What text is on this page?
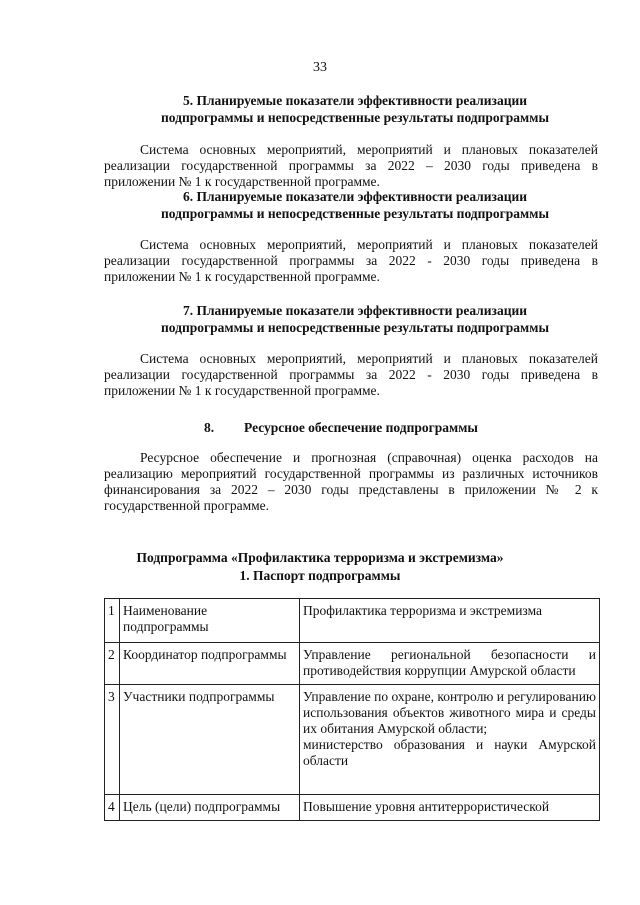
33
5. Планируемые показатели эффективности реализации
подпрограммы и непосредственные результаты подпрограммы

Система основных мероприятий, мероприятий и плановых показателей реализации государственной программы за 2022 – 2030 годы приведена в приложении № 1 к государственной программе.

6. Планируемые показатели эффективности реализации
подпрограммы и непосредственные результаты подпрограммы

Система основных мероприятий, мероприятий и плановых показателей реализации государственной программы за 2022 - 2030 годы приведена в приложении № 1 к государственной программе.

7. Планируемые показатели эффективности реализации
подпрограммы и непосредственные результаты подпрограммы

Система основных мероприятий, мероприятий и плановых показателей реализации государственной программы за 2022 - 2030 годы приведена в приложении № 1 к государственной программе.

8. Ресурсное обеспечение подпрограммы

Ресурсное обеспечение и прогнозная (справочная) оценка расходов на реализацию мероприятий государственной программы из различных источников финансирования за 2022 – 2030 годы представлены в приложении № 2 к государственной программе.

Подпрограмма «Профилактика терроризма и экстремизма»
1. Паспорт подпрограммы
1	Наименование подпрограммы	Профилактика терроризма и экстремизма
2	Координатор подпрограммы	Управление региональной безопасности и противодействия коррупции Амурской области
3	Участники подпрограммы	Управление по охране, контролю и регулированию использования объектов животного мира и среды их обитания Амурской области;
министерство образования и науки Амурской области

4	Цель (цели) подпрограммы	Повышение уровня антитеррористической
